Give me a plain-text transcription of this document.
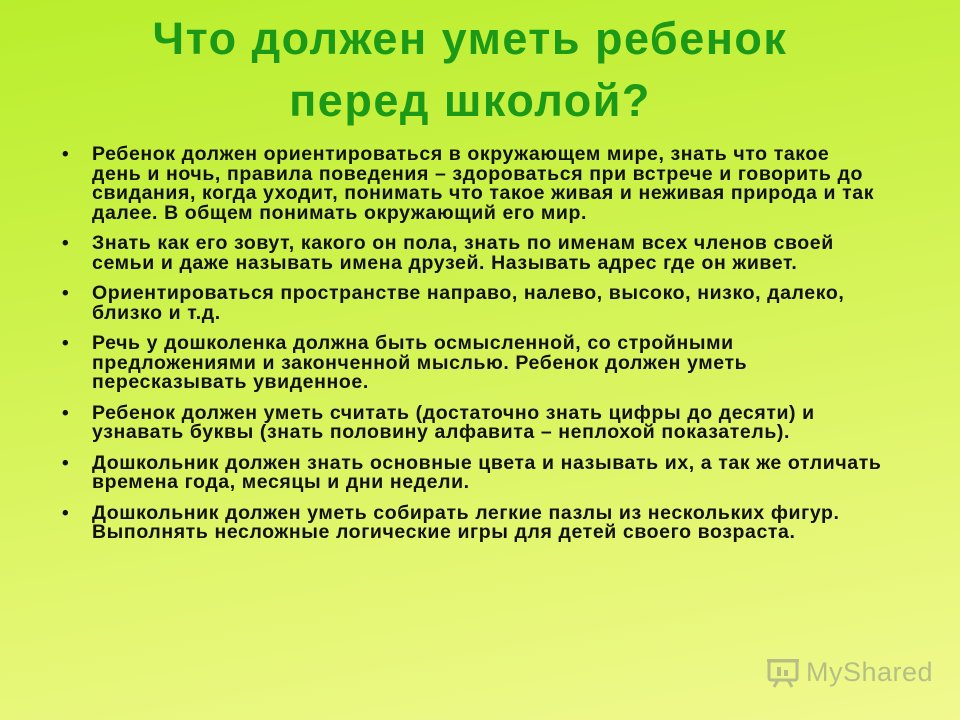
Что должен уметь ребенок
перед школой?
• Ребенок должен ориентироваться в окружающем мире, знать что такое день и ночь, правила поведения – здороваться при встрече и говорить до свидания, когда уходит, понимать что такое живая и неживая природа и так далее. В общем понимать окружающий его мир.
• Знать как его зовут, какого он пола, знать по именам всех членов своей семьи и даже называть имена друзей. Называть адрес где он живет.
• Ориентироваться пространстве направо, налево, высоко, низко, далеко, близко и т.д.
• Речь у дошколенка должна быть осмысленной, со стройными предложениями и законченной мыслью. Ребенок должен уметь пересказывать увиденное.
• Ребенок должен уметь считать (достаточно знать цифры до десяти) и узнавать буквы (знать половину алфавита – неплохой показатель).
• Дошкольник должен знать основные цвета и называть их, а так же отличать времена года, месяцы и дни недели.
• Дошкольник должен уметь собирать легкие пазлы из нескольких фигур. Выполнять несложные логические игры для детей своего возраста.
MyShared
